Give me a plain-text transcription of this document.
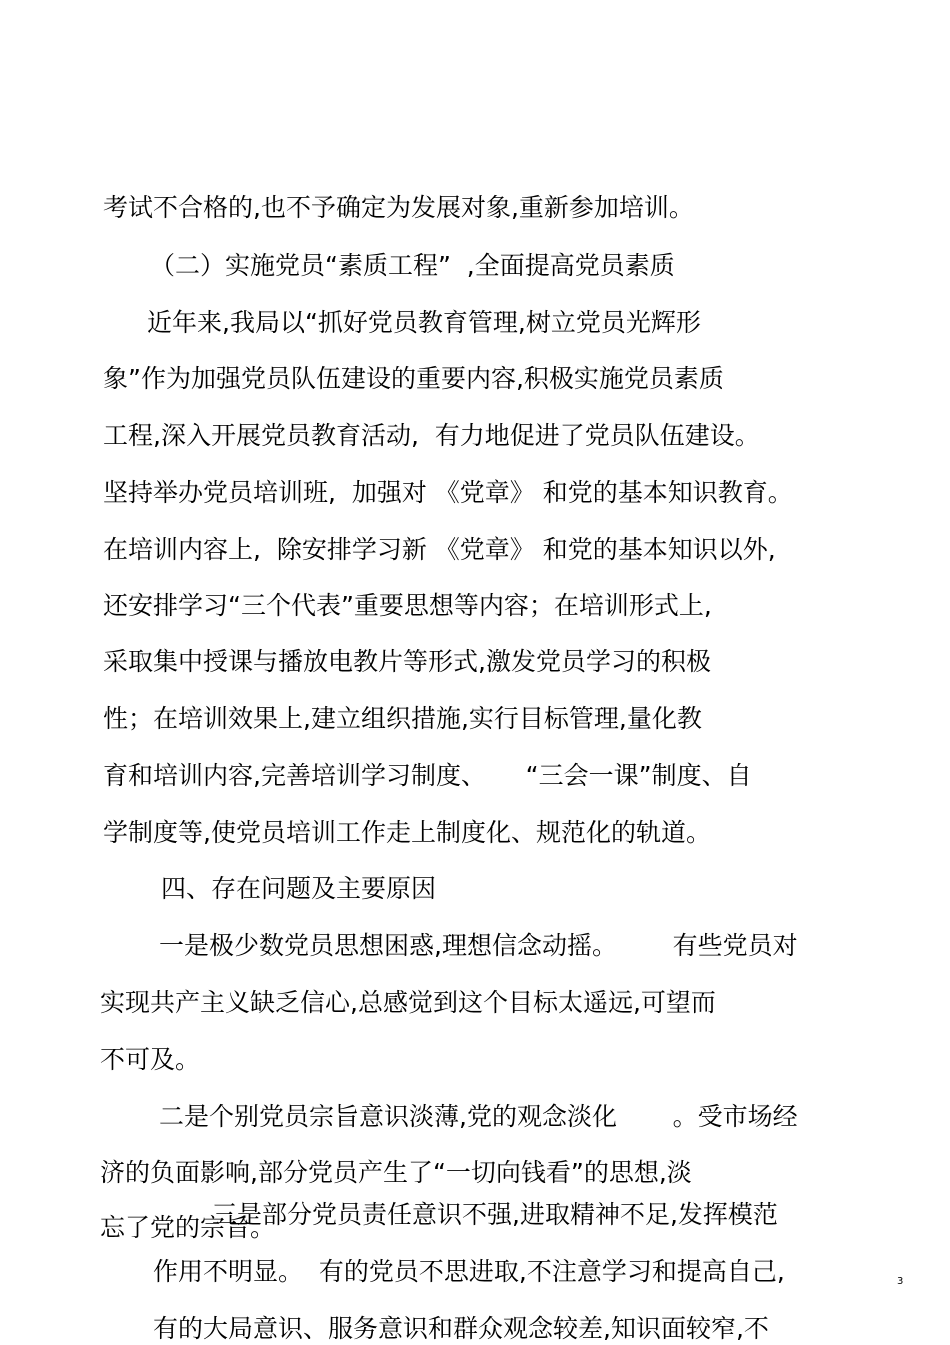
考试不合格的,也不予确定为发展对象,重新参加培训。
（二）实施党员“素质工程”  ,全面提高党员素质
近年来,我局以“抓好党员教育管理,树立党员光辉形
象”作为加强党员队伍建设的重要内容,积极实施党员素质
工程,深入开展党员教育活动,  有力地促进了党员队伍建设。
坚持举办党员培训班,  加强对 《党章》 和党的基本知识教育。
在培训内容上,  除安排学习新 《党章》 和党的基本知识以外,
还安排学习“三个代表”重要思想等内容；在培训形式上,
采取集中授课与播放电教片等形式,激发党员学习的积极
性；在培训效果上,建立组织措施,实行目标管理,量化教
育和培训内容,完善培训学习制度、     “三会一课”制度、自
学制度等,使党员培训工作走上制度化、规范化的轨道。
四、存在问题及主要原因
一是极少数党员思想困惑,理想信念动摇。       有些党员对
实现共产主义缺乏信心,总感觉到这个目标太遥远,可望而
不可及。
二是个别党员宗旨意识淡薄,党的观念淡化       。受市场经
济的负面影响,部分党员产生了“一切向钱看”的思想,淡
忘了党的宗旨。
三是部分党员责任意识不强,进取精神不足,发挥模范
作用不明显。  有的党员不思进取,不注意学习和提高自己,
有的大局意识、服务意识和群众观念较差,知识面较窄,不
3
